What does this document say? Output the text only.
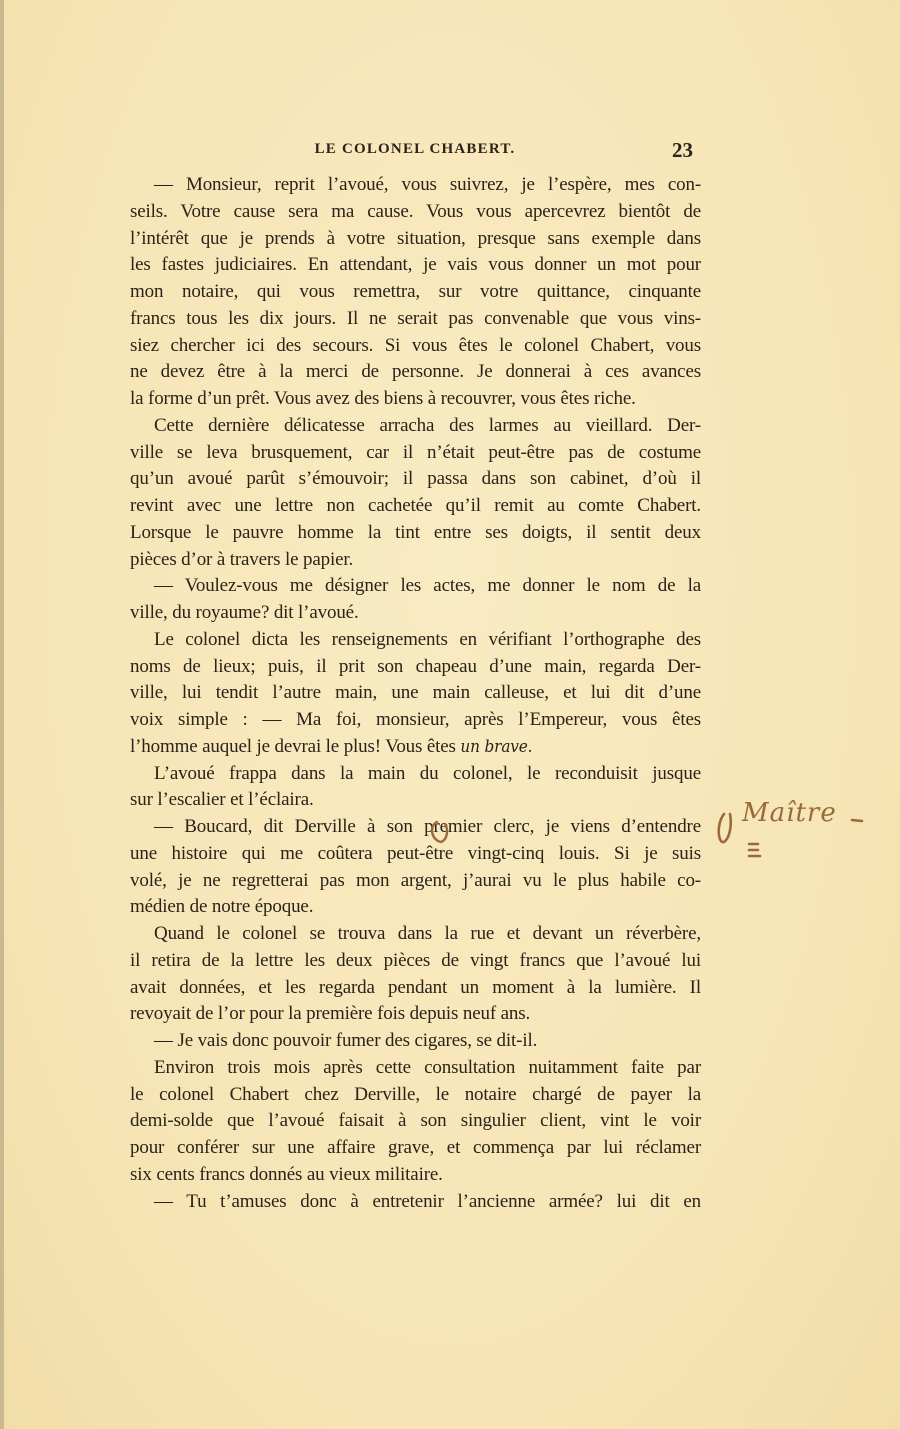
LE COLONEL CHABERT.	23
— Monsieur, reprit l’avoué, vous suivrez, je l’espère, mes con-
seils. Votre cause sera ma cause. Vous vous apercevrez bientôt de
l’intérêt que je prends à votre situation, presque sans exemple dans
les fastes judiciaires. En attendant, je vais vous donner un mot pour
mon notaire, qui vous remettra, sur votre quittance, cinquante
francs tous les dix jours. Il ne serait pas convenable que vous vins-
siez chercher ici des secours. Si vous êtes le colonel Chabert, vous
ne devez être à la merci de personne. Je donnerai à ces avances
la forme d’un prêt. Vous avez des biens à recouvrer, vous êtes riche.
Cette dernière délicatesse arracha des larmes au vieillard. Der-
ville se leva brusquement, car il n’était peut-être pas de costume
qu’un avoué parût s’émouvoir; il passa dans son cabinet, d’où il
revint avec une lettre non cachetée qu’il remit au comte Chabert.
Lorsque le pauvre homme la tint entre ses doigts, il sentit deux
pièces d’or à travers le papier.
— Voulez-vous me désigner les actes, me donner le nom de la
ville, du royaume? dit l’avoué.
Le colonel dicta les renseignements en vérifiant l’orthographe des
noms de lieux; puis, il prit son chapeau d’une main, regarda Der-
ville, lui tendit l’autre main, une main calleuse, et lui dit d’une
voix simple : — Ma foi, monsieur, après l’Empereur, vous êtes
l’homme auquel je devrai le plus! Vous êtes un brave.
L’avoué frappa dans la main du colonel, le reconduisit jusque
sur l’escalier et l’éclaira.
— Boucard, dit Derville à son premier clerc, je viens d’entendre
une histoire qui me coûtera peut-être vingt-cinq louis. Si je suis
volé, je ne regretterai pas mon argent, j’aurai vu le plus habile co-
médien de notre époque.
Quand le colonel se trouva dans la rue et devant un réverbère,
il retira de la lettre les deux pièces de vingt francs que l’avoué lui
avait données, et les regarda pendant un moment à la lumière. Il
revoyait de l’or pour la première fois depuis neuf ans.
— Je vais donc pouvoir fumer des cigares, se dit-il.
Environ trois mois après cette consultation nuitamment faite par
le colonel Chabert chez Derville, le notaire chargé de payer la
demi-solde que l’avoué faisait à son singulier client, vint le voir
pour conférer sur une affaire grave, et commença par lui réclamer
six cents francs donnés au vieux militaire.
— Tu t’amuses donc à entretenir l’ancienne armée? lui dit en
Maître
